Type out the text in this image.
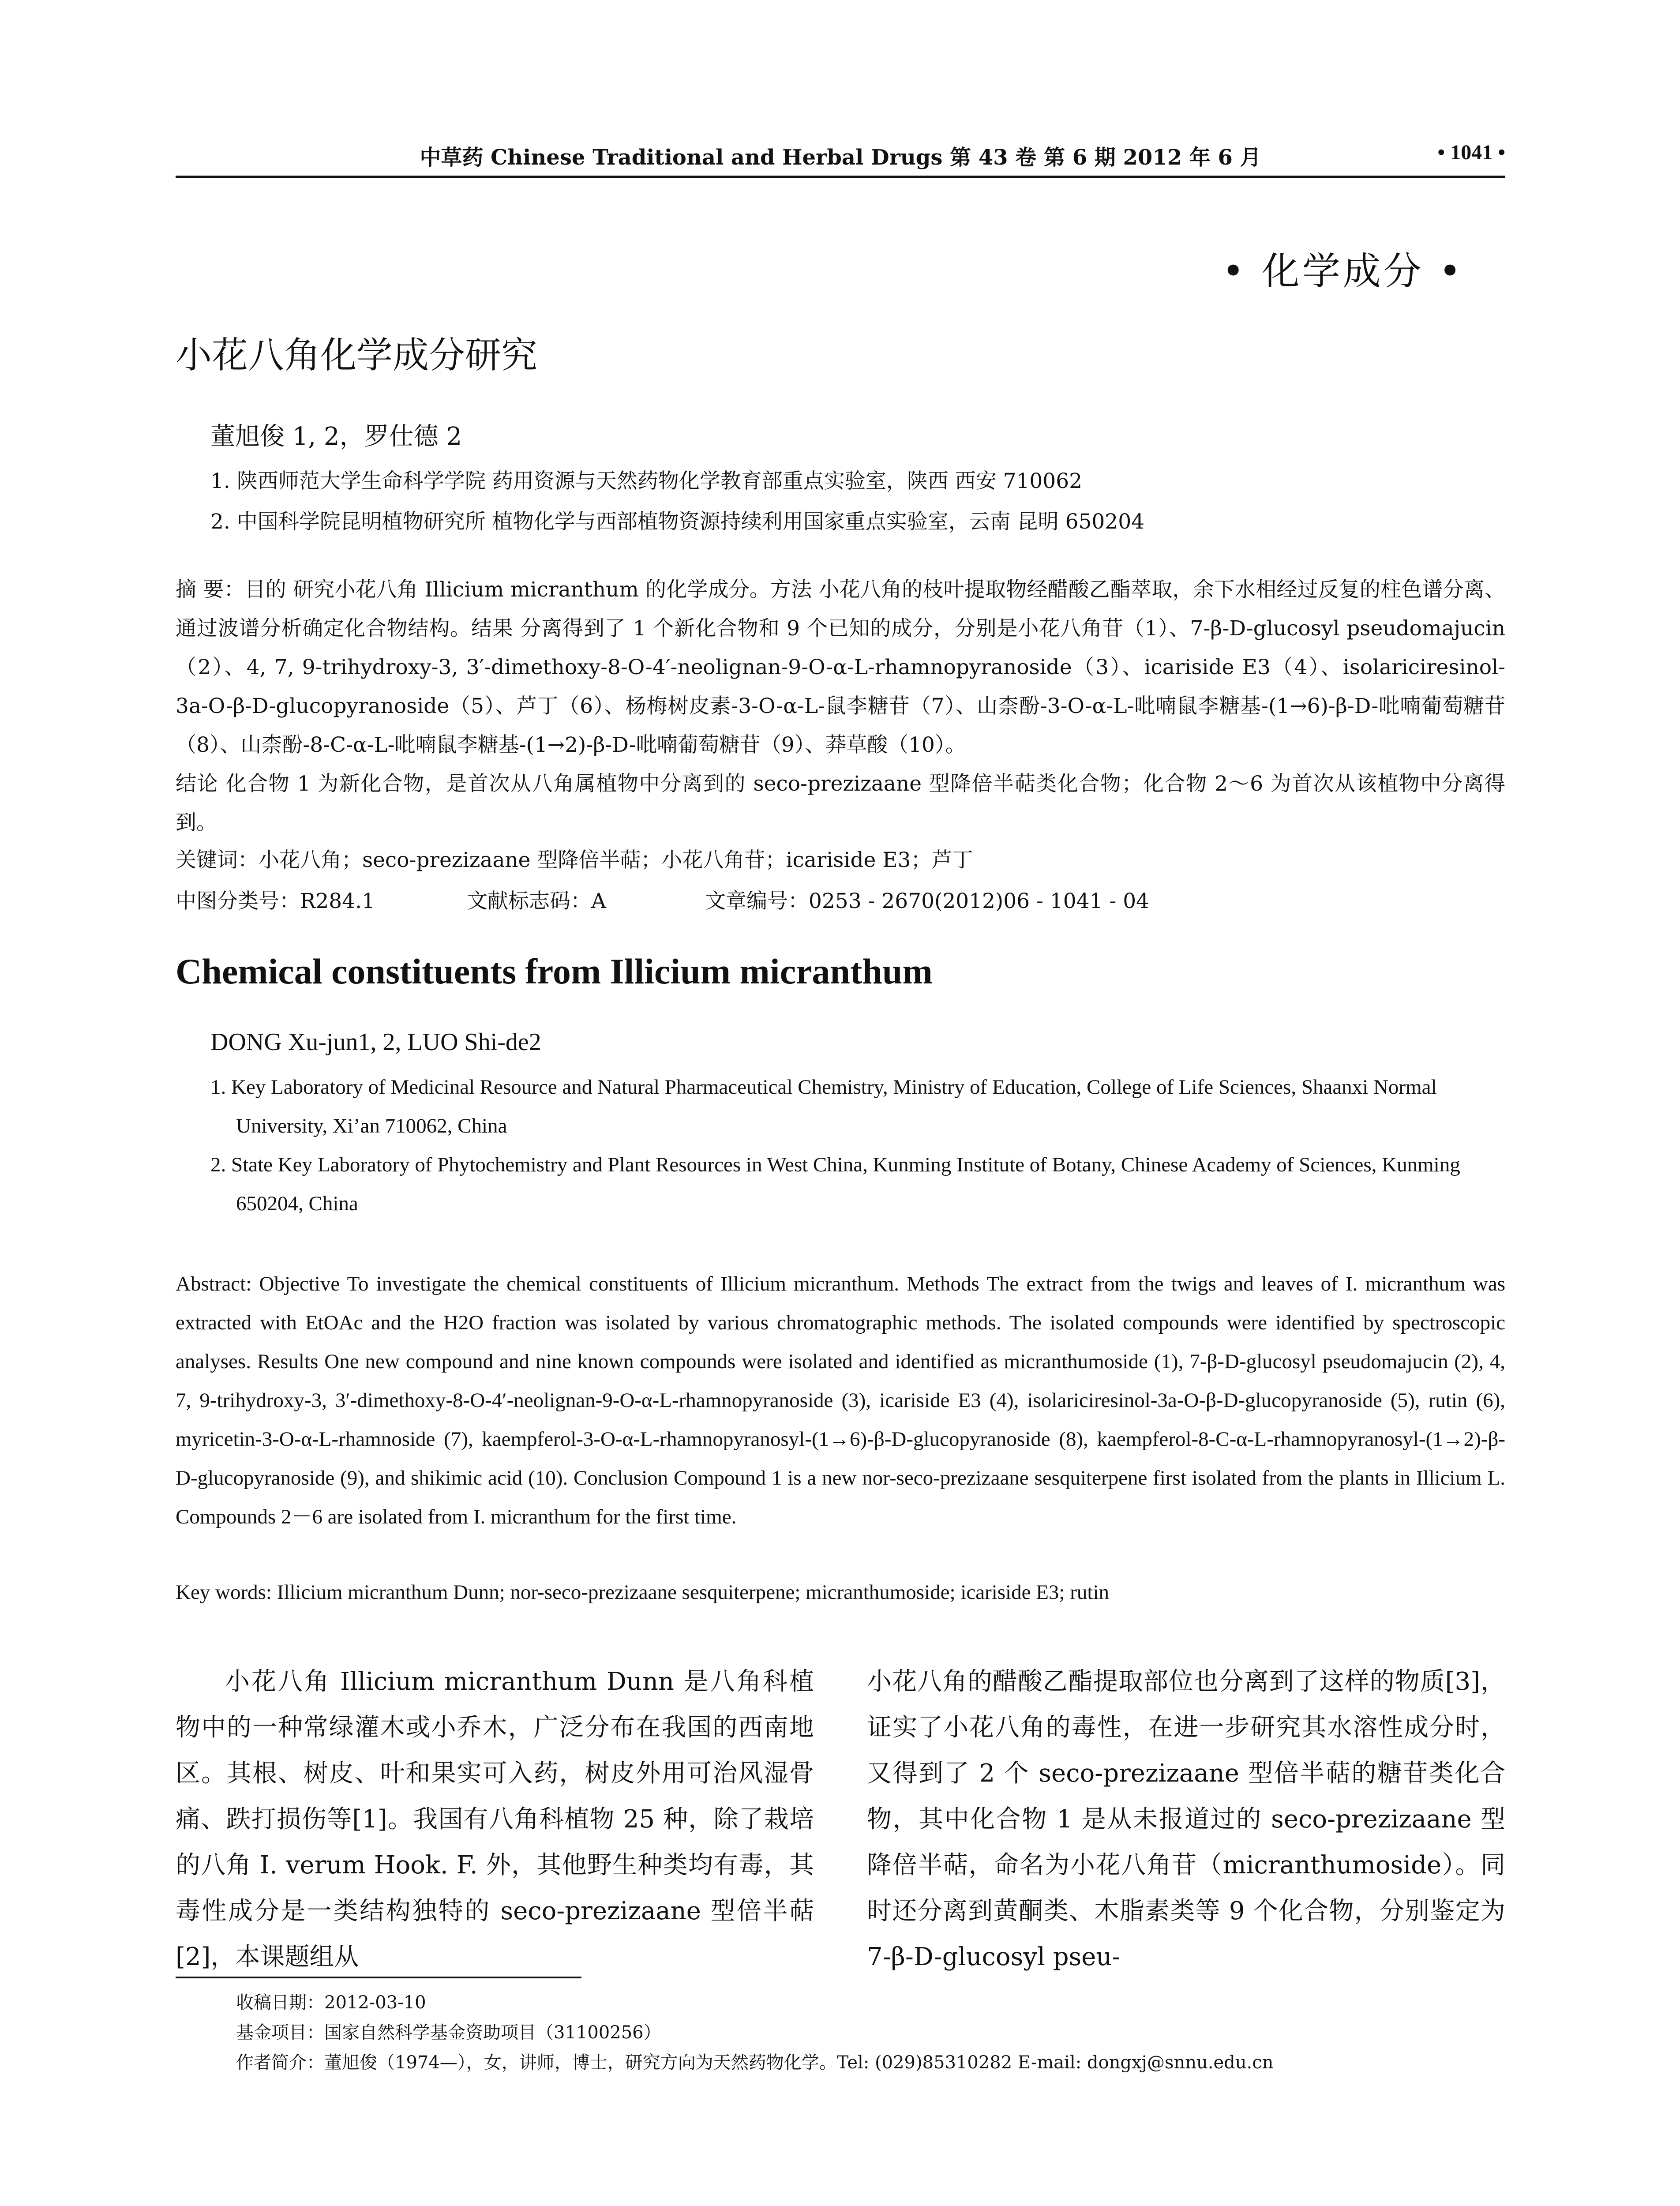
中草药 Chinese Traditional and Herbal Drugs 第 43 卷 第 6 期 2012 年 6 月	• 1041 •
• 化学成分 •
小花八角化学成分研究
董旭俊 1, 2，罗仕德 2
1. 陕西师范大学生命科学学院 药用资源与天然药物化学教育部重点实验室，陕西 西安 710062
2. 中国科学院昆明植物研究所 植物化学与西部植物资源持续利用国家重点实验室，云南 昆明 650204

摘 要：目的 研究小花八角 Illicium micranthum 的化学成分。方法 小花八角的枝叶提取物经醋酸乙酯萃取，余下水相经过反复的柱色谱分离、通过波谱分析确定化合物结构。结果 分离得到了 1 个新化合物和 9 个已知的成分，分别是小花八角苷（1）、7-β-D-glucosyl pseudomajucin（2）、4, 7, 9-trihydroxy-3, 3′-dimethoxy-8-O-4′-neolignan-9-O-α-L-rhamnopyranoside（3）、icariside E3（4）、isolariciresinol-3a-O-β-D-glucopyranoside（5）、芦丁（6）、杨梅树皮素-3-O-α-L-鼠李糖苷（7）、山柰酚-3-O-α-L-吡喃鼠李糖基-(1→6)-β-D-吡喃葡萄糖苷（8）、山柰酚-8-C-α-L-吡喃鼠李糖基-(1→2)-β-D-吡喃葡萄糖苷（9）、莽草酸（10）。

结论 化合物 1 为新化合物，是首次从八角属植物中分离到的 seco-prezizaane 型降倍半萜类化合物；化合物 2～6 为首次从该植物中分离得到。

关键词：小花八角；seco-prezizaane 型降倍半萜；小花八角苷；icariside E3；芦丁
中图分类号：R284.1	文献标志码：A	文章编号：0253 - 2670(2012)06 - 1041 - 04
Chemical constituents from Illicium micranthum
DONG Xu-jun1, 2, LUO Shi-de2
1. Key Laboratory of Medicinal Resource and Natural Pharmaceutical Chemistry, Ministry of Education, College of Life Sciences, Shaanxi Normal University, Xi’an 710062, China
2. State Key Laboratory of Phytochemistry and Plant Resources in West China, Kunming Institute of Botany, Chinese Academy of Sciences, Kunming 650204, China

Abstract: Objective To investigate the chemical constituents of Illicium micranthum. Methods The extract from the twigs and leaves of I. micranthum was extracted with EtOAc and the H2O fraction was isolated by various chromatographic methods. The isolated compounds were identified by spectroscopic analyses. Results One new compound and nine known compounds were isolated and identified as micranthumoside (1), 7-β-D-glucosyl pseudomajucin (2), 4, 7, 9-trihydroxy-3, 3′-dimethoxy-8-O-4′-neolignan-9-O-α-L-rhamnopyranoside (3), icariside E3 (4), isolariciresinol-3a-O-β-D-glucopyranoside (5), rutin (6), myricetin-3-O-α-L-rhamnoside (7), kaempferol-3-O-α-L-rhamnopyranosyl-(1→6)-β-D-glucopyranoside (8), kaempferol-8-C-α-L-rhamnopyranosyl-(1→2)-β-D-glucopyranoside (9), and shikimic acid (10). Conclusion Compound 1 is a new nor-seco-prezizaane sesquiterpene first isolated from the plants in Illicium L. Compounds 2－6 are isolated from I. micranthum for the first time.

Key words: Illicium micranthum Dunn; nor-seco-prezizaane sesquiterpene; micranthumoside; icariside E3; rutin

小花八角 Illicium micranthum Dunn 是八角科植物中的一种常绿灌木或小乔木，广泛分布在我国的西南地区。其根、树皮、叶和果实可入药，树皮外用可治风湿骨痛、跌打损伤等[1]。我国有八角科植物 25 种，除了栽培的八角 I. verum Hook. F. 外，其他野生种类均有毒，其毒性成分是一类结构独特的 seco-prezizaane 型倍半萜[2]，本课题组从

小花八角的醋酸乙酯提取部位也分离到了这样的物质[3]，证实了小花八角的毒性，在进一步研究其水溶性成分时，又得到了 2 个 seco-prezizaane 型倍半萜的糖苷类化合物，其中化合物 1 是从未报道过的 seco-prezizaane 型降倍半萜，命名为小花八角苷（micranthumoside）。同时还分离到黄酮类、木脂素类等 9 个化合物，分别鉴定为 7-β-D-glucosyl pseu-

收稿日期：2012-03-10
基金项目：国家自然科学基金资助项目（31100256）
作者简介：董旭俊（1974—），女，讲师，博士，研究方向为天然药物化学。Tel: (029)85310282 E-mail: dongxj@snnu.edu.cn
